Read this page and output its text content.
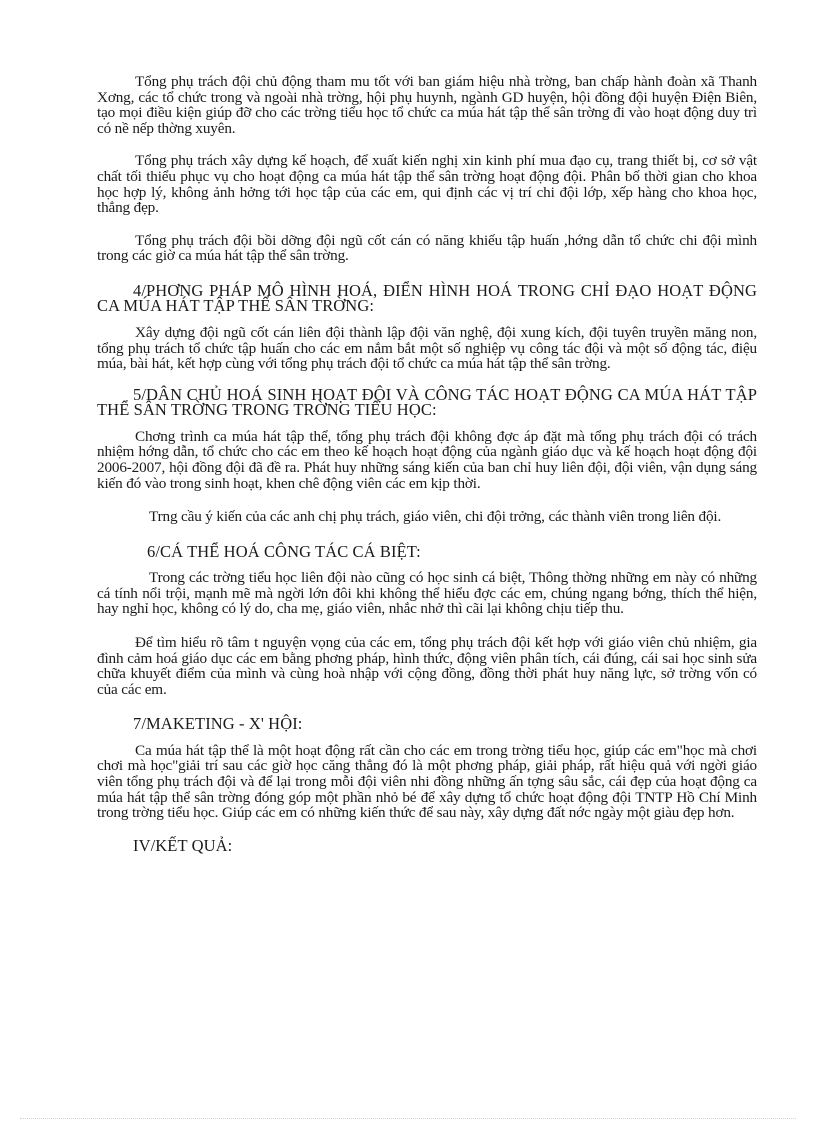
Tổng phụ trách đội chủ động tham mu tốt với ban giám hiệu nhà trờng, ban chấp hành đoàn xã Thanh Xơng, các tổ chức trong và ngoài nhà trờng, hội phụ huynh, ngành GD huyện, hội đồng đội huyện Điện Biên, tạo mọi điều kiện giúp đỡ cho các trờng tiểu học tổ chức ca múa hát tập thể sân trờng đi vào hoạt động duy trì có nề nếp thờng xuyên.

Tổng phụ trách xây dựng kế hoạch, để xuất kiến nghị xin kinh phí mua đạo cụ, trang thiết bị, cơ sở vật chất tối thiểu phục vụ cho hoạt động ca múa hát tập thể sân trờng hoạt động đội. Phân bố thời gian cho khoa học hợp lý, không ảnh hởng tới học tập của các em, qui định các vị trí chi đội lớp, xếp hàng cho khoa học, thẳng đẹp.

Tổng phụ trách đội bồi dỡng đội ngũ cốt cán có năng khiếu tập huấn ,hớng dẫn tổ chức chi đội mình trong các giờ ca múa hát tập thể sân trờng.

4/PHƠNG PHÁP MÔ HÌNH HOÁ, ĐIỂN HÌNH HOÁ TRONG CHỈ ĐẠO HOẠT ĐỘNG CA MÚA HÁT TẬP THỂ SÂN TRỜNG:

Xây dựng đội ngũ cốt cán liên đội thành lập đội văn nghệ, đội xung kích, đội tuyên truyền măng non, tổng phụ trách tổ chức tập huấn cho các em nắm bắt một số nghiệp vụ công tác đội và một số động tác, điệu múa, bài hát, kết hợp cùng với tổng phụ trách đội tổ chức ca múa hát tập thể sân trờng.

5/DÂN CHỦ HOÁ SINH HOẠT ĐỘI VÀ CÔNG TÁC HOẠT ĐỘNG CA MÚA HÁT TẬP THỂ SÂN TRỜNG TRONG TRỜNG TIỂU HỌC:

Chơng trình ca múa hát tập thể, tổng phụ trách đội không đợc áp đặt mà tổng phụ trách đội có trách nhiệm hớng dẫn, tổ chức cho các em theo kế hoạch hoạt động của ngành giáo dục và kế hoạch hoạt động đội 2006-2007, hội đồng đội đã đề ra. Phát huy những sáng kiến của ban chỉ huy liên đội, đội viên, vận dụng sáng kiến đó vào trong sinh hoạt, khen chê động viên các em kịp thời.

Trng cầu ý kiến của các anh chị phụ trách, giáo viên, chi đội trởng, các thành viên trong liên đội.

6/CÁ THỂ HOÁ CÔNG TÁC CÁ BIỆT:

Trong các trờng tiểu học liên đội nào cũng có học sinh cá biệt, Thông thờng những em này có những cá tính nổi trội, mạnh mẽ mà ngời lớn đôi khi không thể hiểu đợc các em, chúng ngang bớng, thích thể hiện, hay nghỉ học, không có lý do, cha mẹ, giáo viên, nhắc nhở thì cãi lại không chịu tiếp thu.

Để tìm hiểu rõ tâm t nguyện vọng của các em, tổng phụ trách đội kết hợp với giáo viên chủ nhiệm, gia đình cảm hoá giáo dục các em bằng phơng pháp, hình thức, động viên phân tích, cái đúng, cái sai học sinh sửa chữa khuyết điểm của mình và cùng hoà nhập với cộng đồng, đồng thời phát huy năng lực, sở trờng vốn có của các em.

7/MAKETING - X' HỘI:

Ca múa hát tập thể là một hoạt động rất cần cho các em trong trờng tiểu học, giúp các em"học mà chơi chơi mà học"giải trí sau các giờ học căng thẳng đó là một phơng pháp, giải pháp, rất hiệu quả với ngời giáo viên tổng phụ trách đội và để lại trong mỗi đội viên nhi đồng những ấn tợng sâu sắc, cái đẹp của hoạt động ca múa hát tập thể sân trờng đóng góp một phần nhỏ bé để xây dựng tổ chức hoạt động đội TNTP Hồ Chí Minh trong trờng tiểu học. Giúp các em có những kiến thức để sau này, xây dựng đất nớc ngày một giàu đẹp hơn.

IV/KẾT QUẢ:
